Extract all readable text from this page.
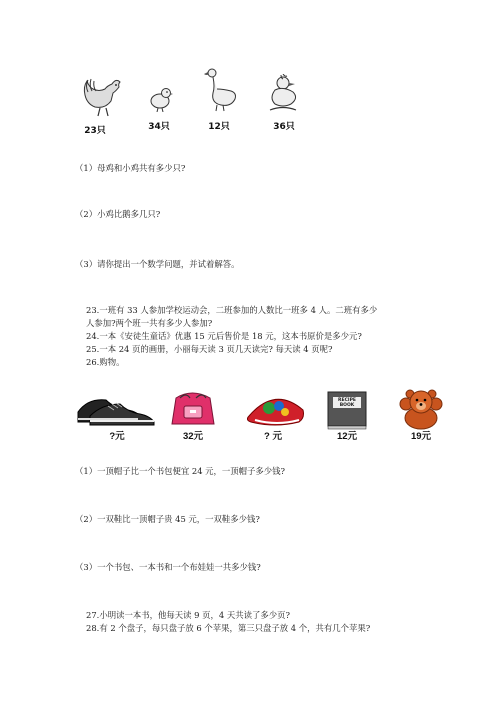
23只	34只	12只	36只
（1）母鸡和小鸡共有多少只?
（2）小鸡比鹅多几只?
（3）请你提出一个数学问题，并试着解答。
23.一班有 33 人参加学校运动会，二班参加的人数比一班多 4 人。二班有多少
人参加?两个班一共有多少人参加?
24.一本《安徒生童话》优惠 15 元后售价是 18 元，这本书原价是多少元?
25.一本 24 页的画册，小丽每天读 3 页几天读完? 每天读 4 页呢?
26.购物。
?元	32元	? 元
RECIPE BOOK
12元	19元
（1）一顶帽子比一个书包便宜 24 元，一顶帽子多少钱?
（2）一双鞋比一顶帽子贵 45 元，一双鞋多少钱?
（3）一个书包、一本书和一个布娃娃一共多少钱?
27.小明读一本书，他每天读 9 页，4 天共读了多少页?
28.有 2 个盘子，每只盘子放 6 个苹果，第三只盘子放 4 个，共有几个苹果?
